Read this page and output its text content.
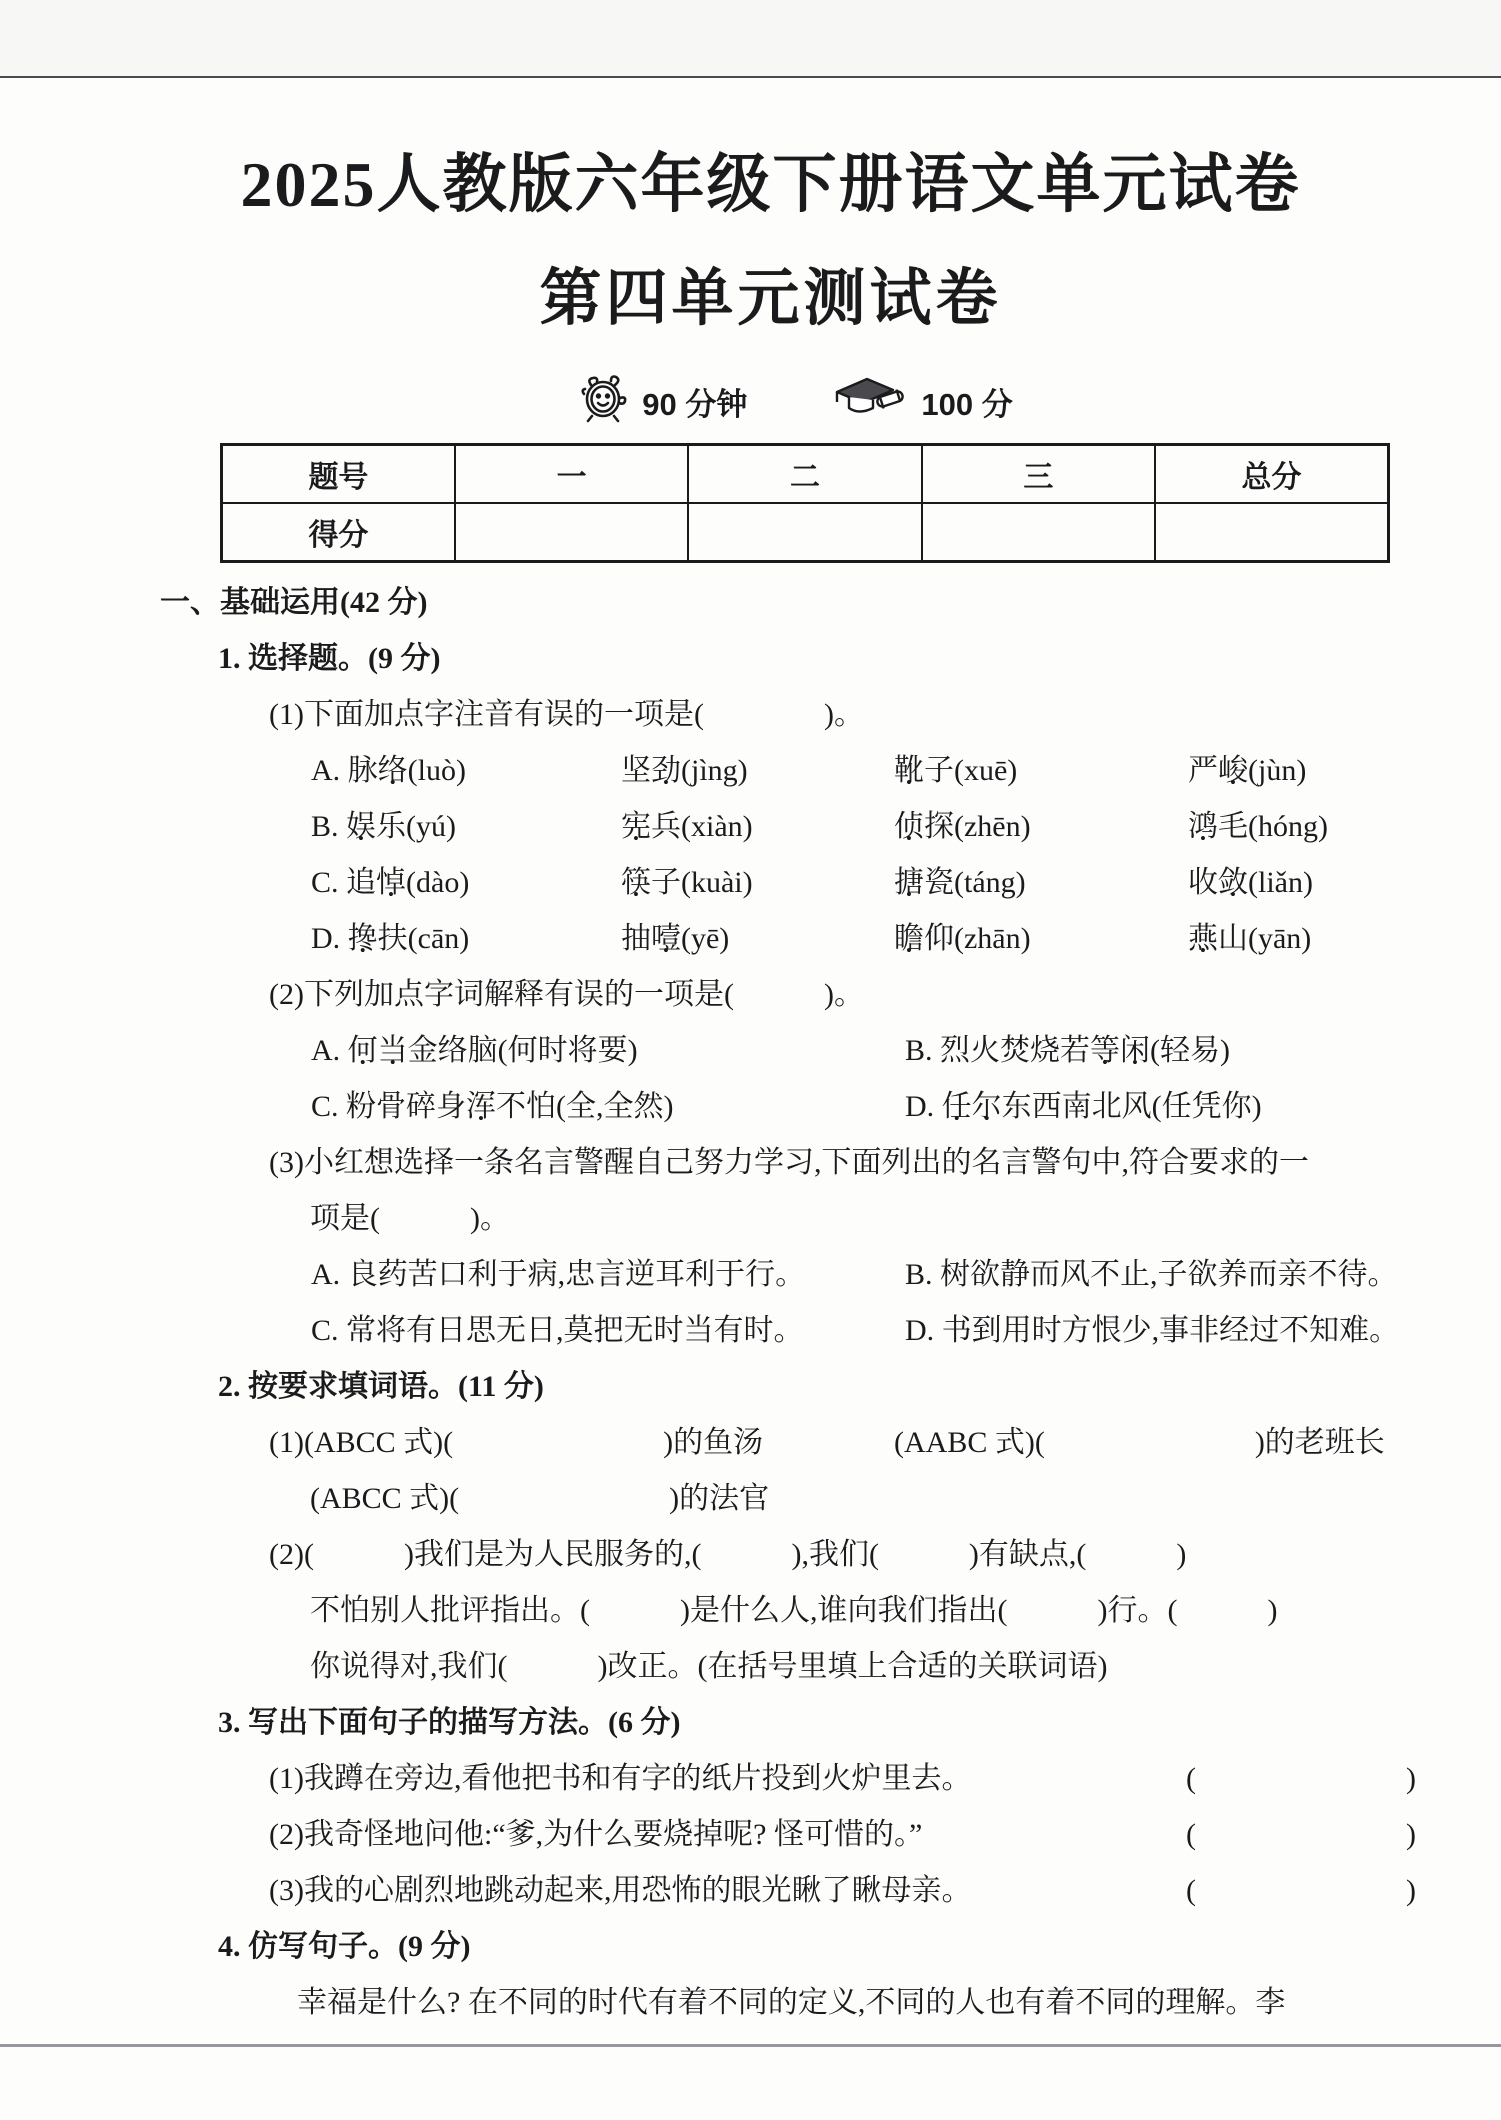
2025人教版六年级下册语文单元试卷
第四单元测试卷
90 分钟	100 分
题号	一	二	三	总分
得分				
一、基础运用(42 分)
1. 选择题。(9 分)
(1)下面加点字注音有误的一项是(    )。
A. 脉络 •(luò)	坚劲 •(jìng)	靴 •子(xuē)	严峻 •(jùn)
B. 娱 •乐(yú)	宪 •兵(xiàn)	侦 •探(zhēn)	鸿 •毛(hóng)
C. 追悼 •(dào)	筷 •子(kuài)	搪 •瓷(táng)	收敛 •(liǎn)
D. 搀 •扶(cān)	抽噎 •(yē)	瞻 •仰(zhān)	燕 •山(yān)
(2)下列加点字词解释有误的一项是(   )。
A. 何 •当 •金络脑(何时将要)	B. 烈火焚烧若等 •闲 •(轻易)
C. 粉骨碎身浑 •不怕(全,全然)	D. 任 •尔 •东西南北风(任凭你)
(3)小红想选择一条名言警醒自己努力学习,下面列出的名言警句中,符合要求的一
项是(   )。
A. 良药苦口利于病,忠言逆耳利于行。	B. 树欲静而风不止,子欲养而亲不待。
C. 常将有日思无日,莫把无时当有时。	D. 书到用时方恨少,事非经过不知难。
2. 按要求填词语。(11 分)
(1)(ABCC 式)(       )的鱼汤	(AABC 式)(       )的老班长
(ABCC 式)(       )的法官
(2)(   )我们是为人民服务的,(   ),我们(   )有缺点,(   )
不怕别人批评指出。(   )是什么人,谁向我们指出(   )行。(   )
你说得对,我们(   )改正。(在括号里填上合适的关联词语)
3. 写出下面句子的描写方法。(6 分)
(1)我蹲在旁边,看他把书和有字的纸片投到火炉里去。	(       )
(2)我奇怪地问他:“爹,为什么要烧掉呢? 怪可惜的。”	(       )
(3)我的心剧烈地跳动起来,用恐怖的眼光瞅了瞅母亲。	(       )
4. 仿写句子。(9 分)
幸福是什么? 在不同的时代有着不同的定义,不同的人也有着不同的理解。李
